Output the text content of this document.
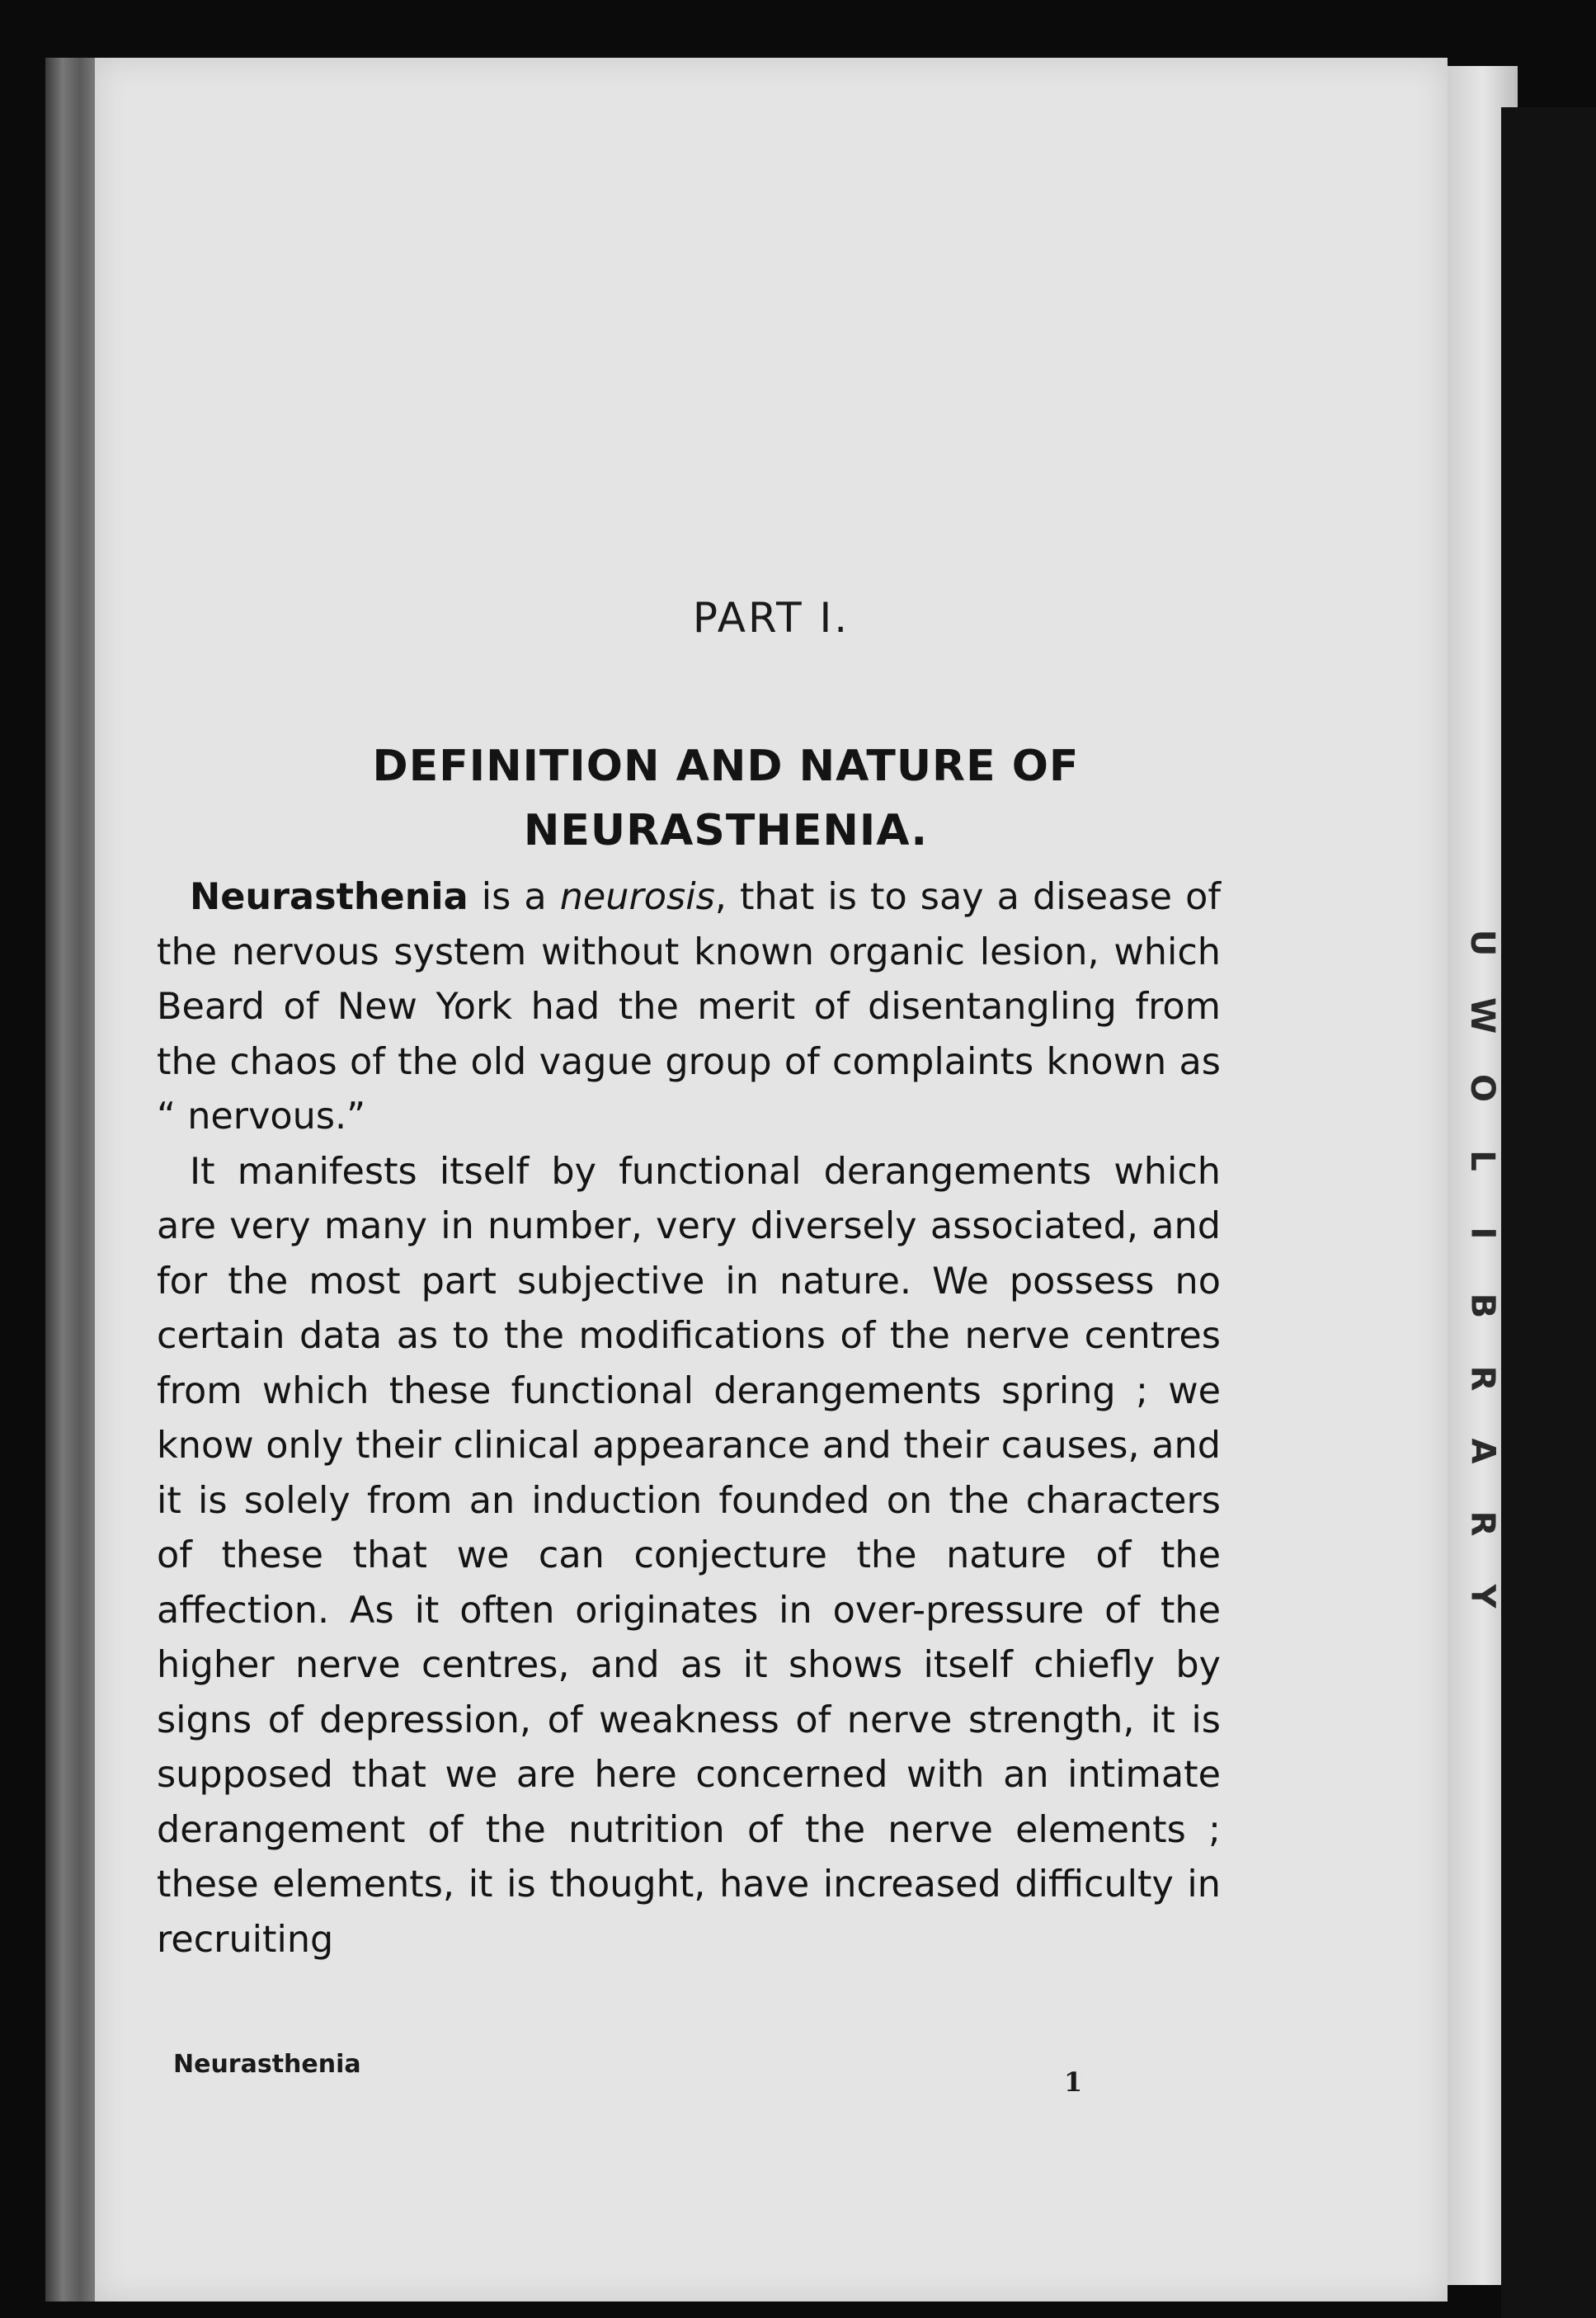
PART I.
DEFINITION AND NATURE OF NEURASTHENIA.

Neurasthenia is a neurosis, that is to say a disease of the nervous system without known organic lesion, which Beard of New York had the merit of disentangling from the chaos of the old vague group of complaints known as “ nervous.”

It manifests itself by functional derangements which are very many in number, very diversely associated, and for the most part subjective in nature. We possess no certain data as to the modifications of the nerve centres from which these functional derangements spring ; we know only their clinical appearance and their causes, and it is solely from an induction founded on the characters of these that we can conjecture the nature of the affection. As it often originates in over-pressure of the higher nerve centres, and as it shows itself chiefly by signs of depression, of weakness of nerve strength, it is supposed that we are here concerned with an intimate derangement of the nutrition of the nerve elements ; these elements, it is thought, have increased difficulty in recruiting

Neurasthenia
1
U
W
O
L
I
B
R
A
R
Y
